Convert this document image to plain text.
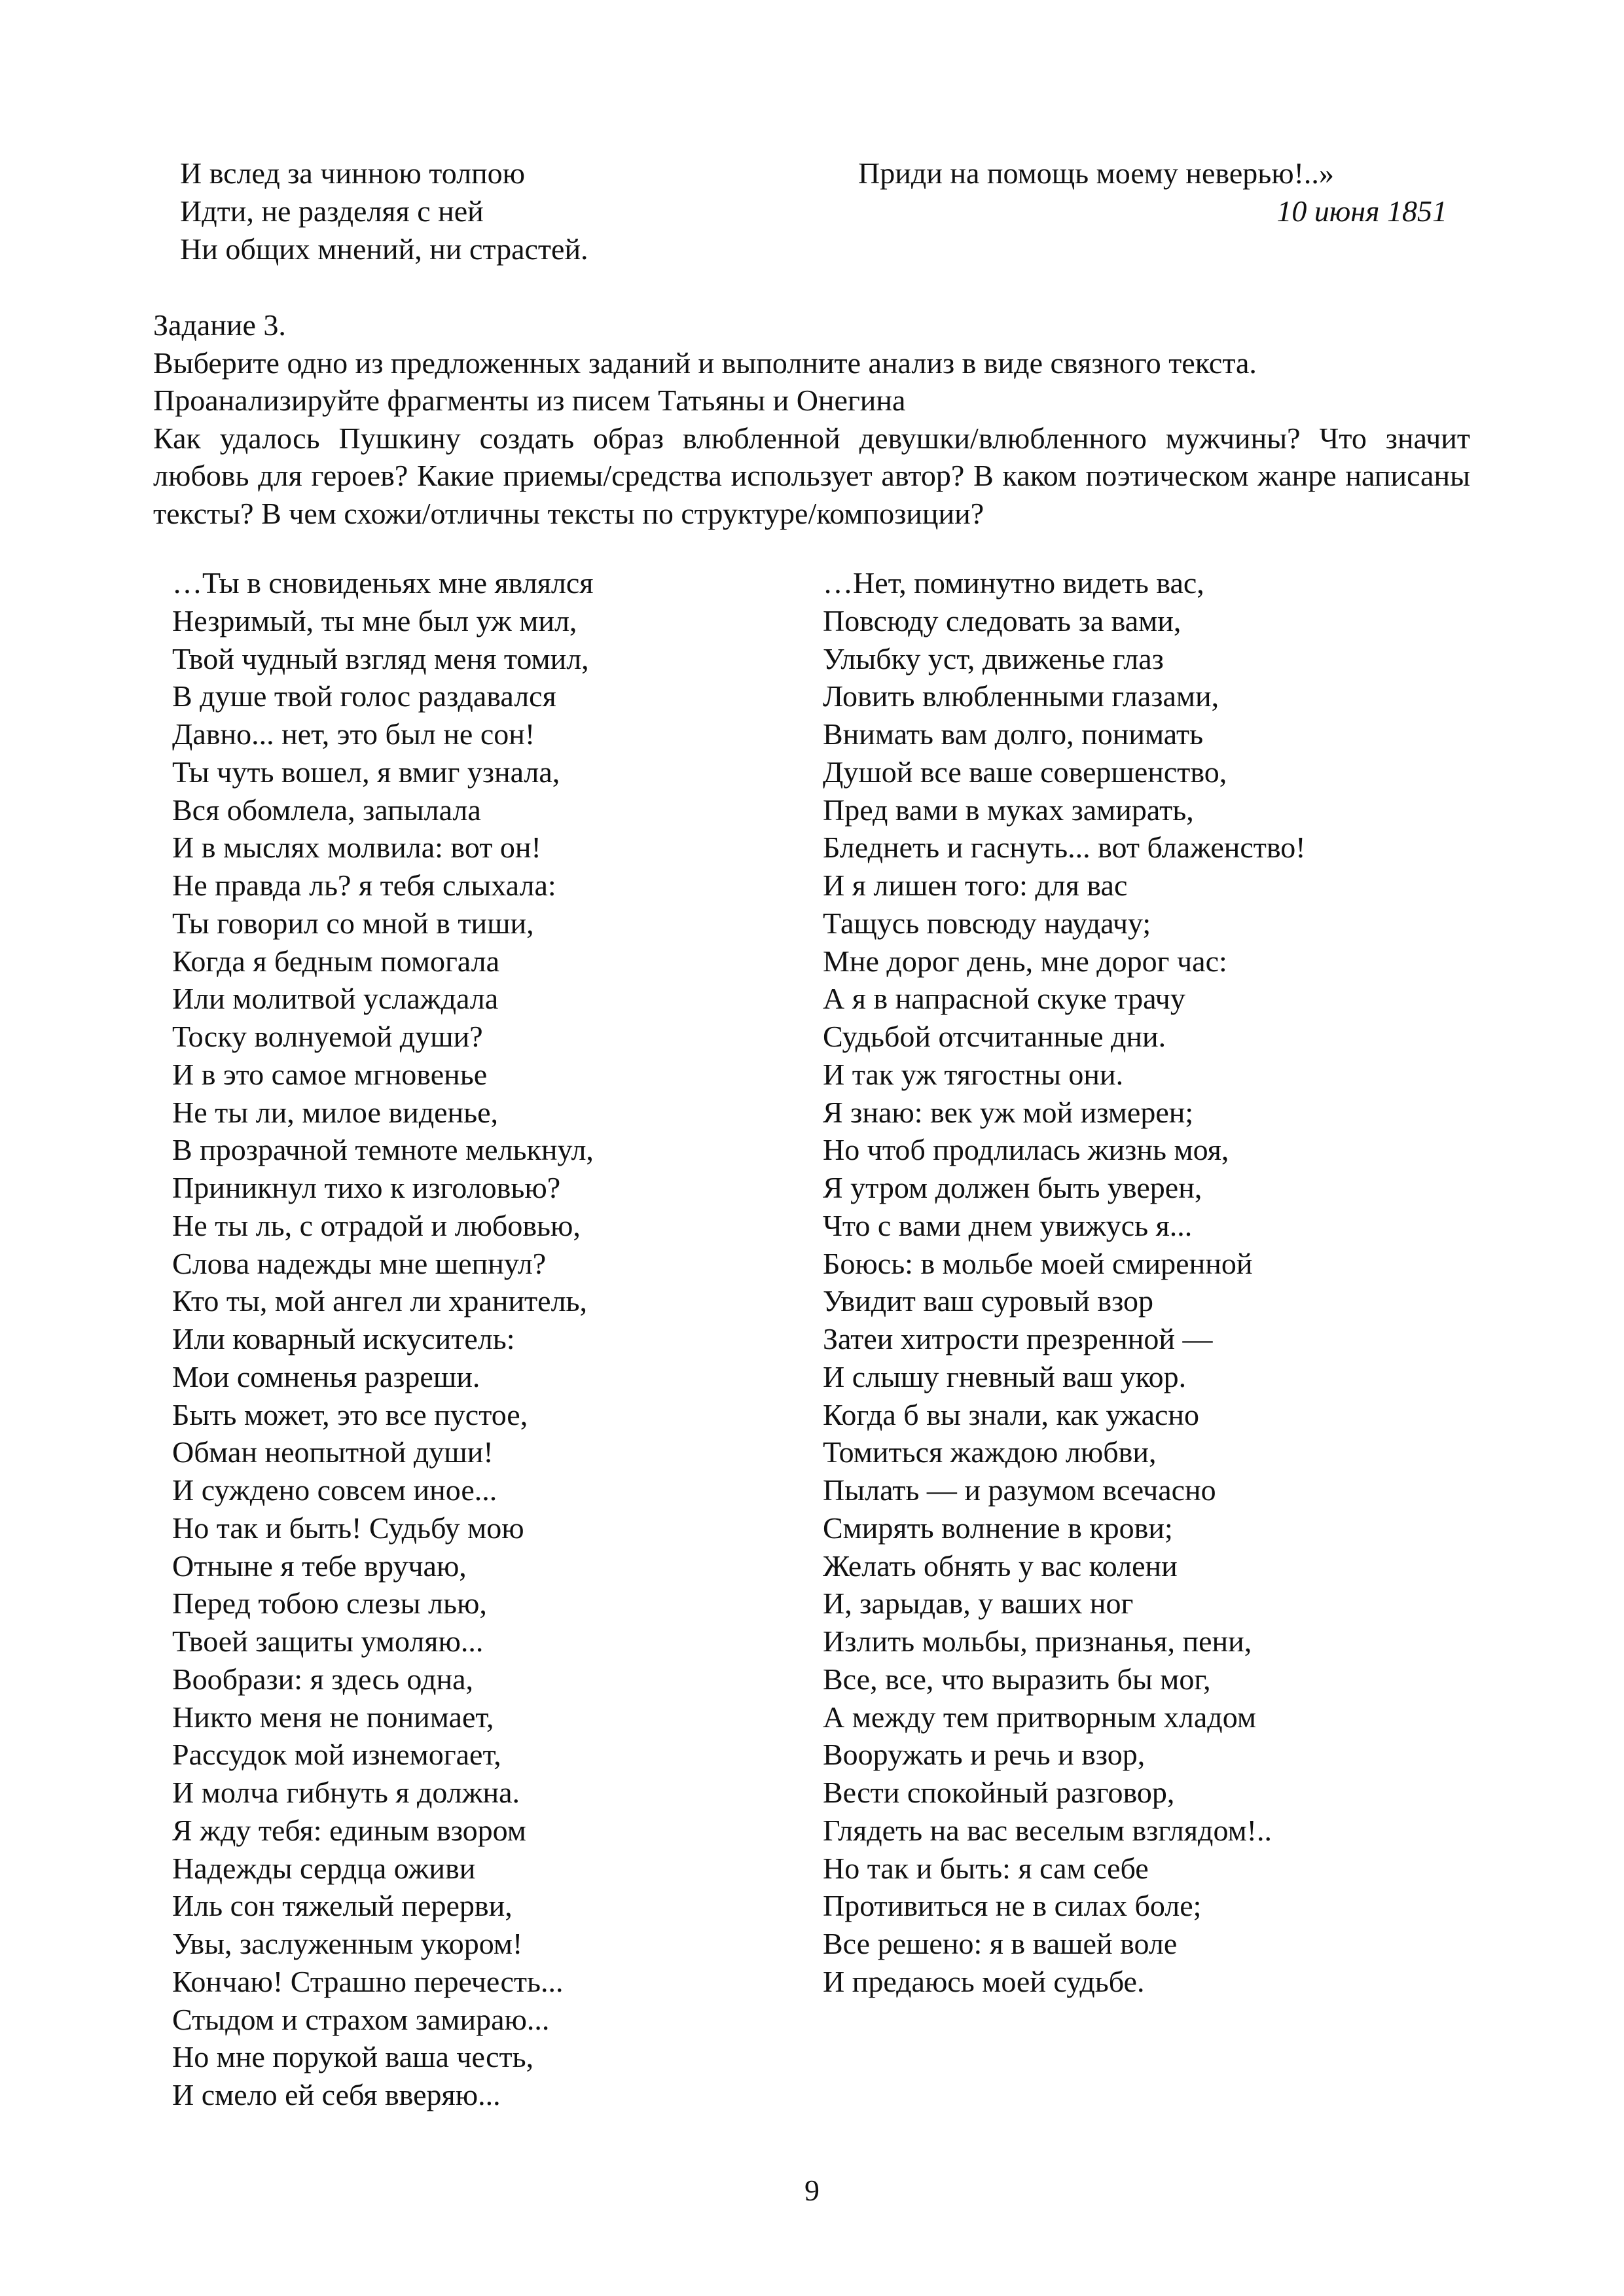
И вслед за чинною толпою
Идти, не разделяя с ней
Ни общих мнений, ни страстей.
Приди на помощь моему неверью!..»
10 июня 1851
Задание 3.
Выберите одно из предложенных заданий и выполните анализ в виде связного текста.
Проанализируйте фрагменты из писем Татьяны и Онегина
Как удалось Пушкину создать образ влюбленной девушки/влюбленного мужчины? Что значит любовь для героев? Какие приемы/средства использует автор? В каком поэтическом жанре написаны тексты? В чем схожи/отличны тексты по структуре/композиции?
…Ты в сновиденьях мне являлся
Незримый, ты мне был уж мил,
Твой чудный взгляд меня томил,
В душе твой голос раздавался
Давно... нет, это был не сон!
Ты чуть вошел, я вмиг узнала,
Вся обомлела, запылала
И в мыслях молвила: вот он!
Не правда ль? я тебя слыхала:
Ты говорил со мной в тиши,
Когда я бедным помогала
Или молитвой услаждала
Тоску волнуемой души?
И в это самое мгновенье
Не ты ли, милое виденье,
В прозрачной темноте мелькнул,
Приникнул тихо к изголовью?
Не ты ль, с отрадой и любовью,
Слова надежды мне шепнул?
Кто ты, мой ангел ли хранитель,
Или коварный искуситель:
Мои сомненья разреши.
Быть может, это все пустое,
Обман неопытной души!
И суждено совсем иное...
Но так и быть! Судьбу мою
Отныне я тебе вручаю,
Перед тобою слезы лью,
Твоей защиты умоляю...
Вообрази: я здесь одна,
Никто меня не понимает,
Рассудок мой изнемогает,
И молча гибнуть я должна.
Я жду тебя: единым взором
Надежды сердца оживи
Иль сон тяжелый перерви,
Увы, заслуженным укором!
Кончаю! Страшно перечесть...
Стыдом и страхом замираю...
Но мне порукой ваша честь,
И смело ей себя вверяю...
…Нет, поминутно видеть вас,
Повсюду следовать за вами,
Улыбку уст, движенье глаз
Ловить влюбленными глазами,
Внимать вам долго, понимать
Душой все ваше совершенство,
Пред вами в муках замирать,
Бледнеть и гаснуть... вот блаженство!
И я лишен того: для вас
Тащусь повсюду наудачу;
Мне дорог день, мне дорог час:
А я в напрасной скуке трачу
Судьбой отсчитанные дни.
И так уж тягостны они.
Я знаю: век уж мой измерен;
Но чтоб продлилась жизнь моя,
Я утром должен быть уверен,
Что с вами днем увижусь я...
Боюсь: в мольбе моей смиренной
Увидит ваш суровый взор
Затеи хитрости презренной —
И слышу гневный ваш укор.
Когда б вы знали, как ужасно
Томиться жаждою любви,
Пылать — и разумом всечасно
Смирять волнение в крови;
Желать обнять у вас колени
И, зарыдав, у ваших ног
Излить мольбы, признанья, пени,
Все, все, что выразить бы мог,
А между тем притворным хладом
Вооружать и речь и взор,
Вести спокойный разговор,
Глядеть на вас веселым взглядом!..
Но так и быть: я сам себе
Противиться не в силах боле;
Все решено: я в вашей воле
И предаюсь моей судьбе.
9
